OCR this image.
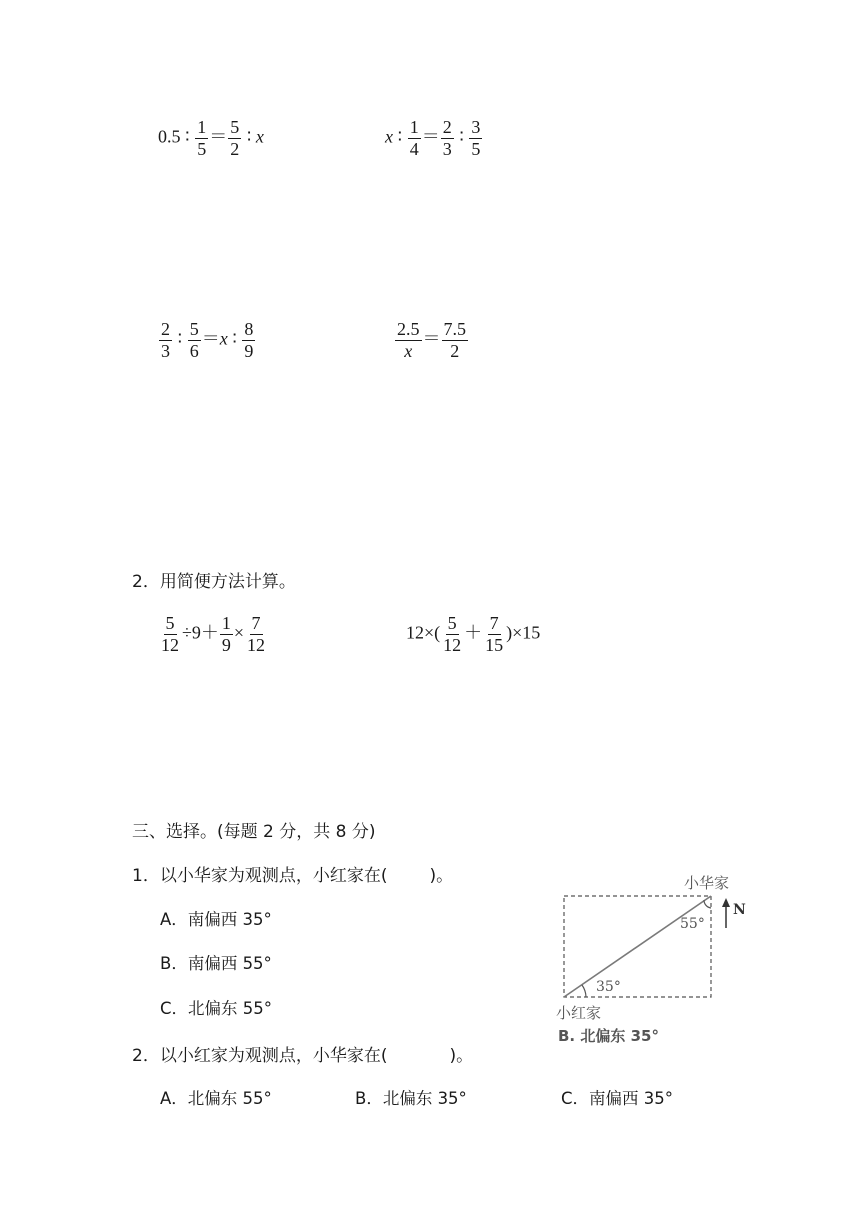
0.5 ∶ $\frac{1}{5} = \frac{5}{2}$ ∶ x	x ∶ $\frac{1}{4} = \frac{2}{3}$ ∶ $\frac{3}{5}$
$\frac{2}{3}$ ∶ $\frac{5}{6} =x$ ∶ $\frac{8}{9}$	$\frac{2.5}{x} = \frac{7.5}{2}$
2．用简便方法计算。
$\frac{5}{12} \div 9+ \frac{1}{9} \times \frac{7}{12}$	$12\times( \frac{5}{12} + \frac{7}{15} )\times 15$
三、选择。(每题 2 分，共 8 分)
1．以小华家为观测点，小红家在( )。
A．南偏西 35°
B．南偏西 55°
C．北偏东 55°
2．以小红家为观测点，小华家在(	)。
A．北偏东 55°	B．北偏东 35°	C．南偏西 35°
小华家
55°
N
35°
小红家
B. 北偏东 35°
